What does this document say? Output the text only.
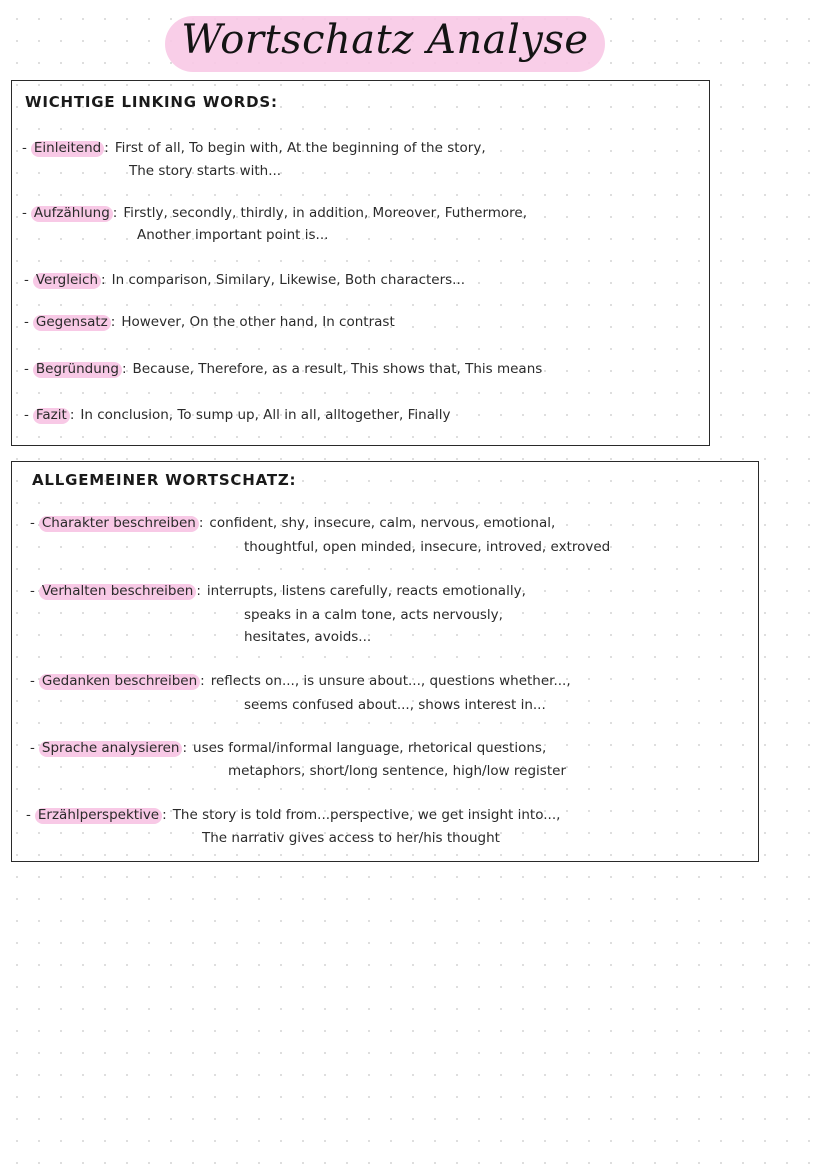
Wortschatz Analyse
WICHTIGE LINKING WORDS:
- Einleitend : First of all, To begin with, At the beginning of the story,
The story starts with...
- Aufzählung : Firstly, secondly, thirdly, in addition, Moreover, Futhermore,
Another important point is...
- Vergleich : In comparison, Similary, Likewise, Both characters...
- Gegensatz : However, On the other hand, In contrast
- Begründung : Because, Therefore, as a result, This shows that, This means
- Fazit : In conclusion, To sump up, All in all, alltogether, Finally
ALLGEMEINER WORTSCHATZ:
- Charakter beschreiben : confident, shy, insecure, calm, nervous, emotional,
thoughtful, open minded, insecure, introved, extroved
- Verhalten beschreiben : interrupts, listens carefully, reacts emotionally,
speaks in a calm tone, acts nervously,
hesitates, avoids...
- Gedanken beschreiben : reflects on..., is unsure about..., questions whether...,
seems confused about..., shows interest in...
- Sprache analysieren : uses formal/informal language, rhetorical questions,
metaphors, short/long sentence, high/low register
- Erzählperspektive : The story is told from...perspective, we get insight into...,
The narrativ gives access to her/his thought
